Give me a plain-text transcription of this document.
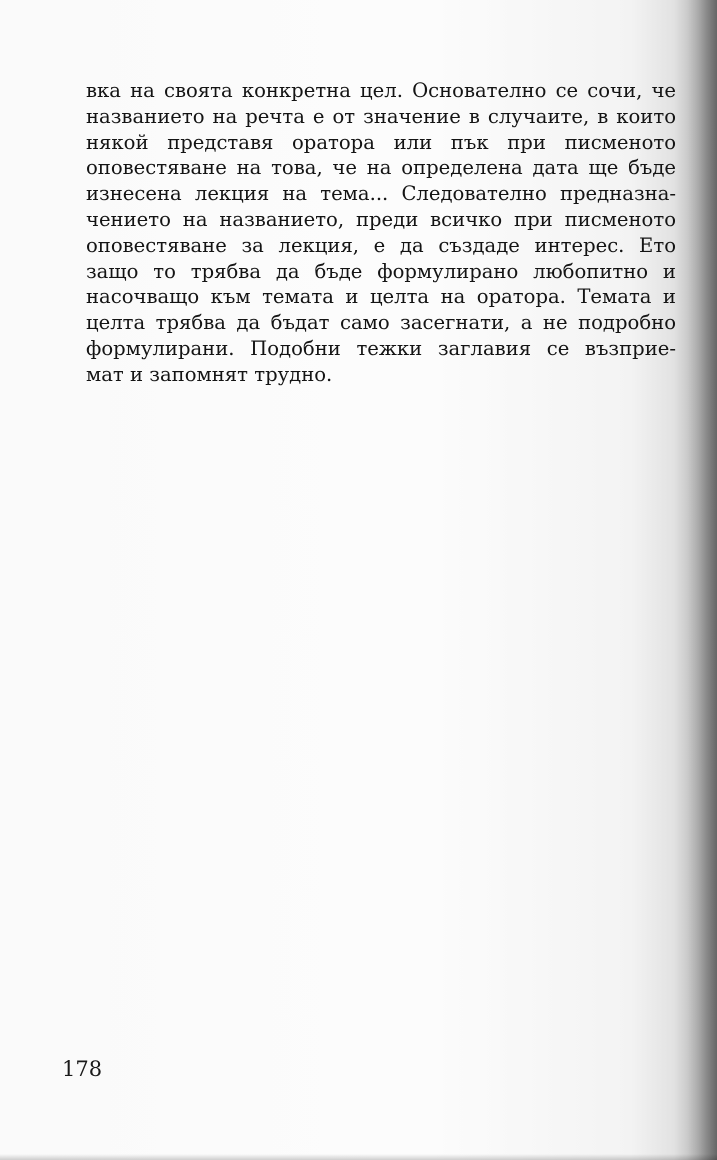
вка на своята конкретна цел. Основателно се сочи, че
названието на речта е от значение в случаите, в които
някой представя оратора или пък при писменото
оповестяване на това, че на определена дата ще бъде
изнесена лекция на тема... Следователно предназна-
чението на названието, преди всичко при писменото
оповестяване за лекция, е да създаде интерес. Ето
защо то трябва да бъде формулирано любопитно и
насочващо към темата и целта на оратора. Темата и
целта трябва да бъдат само засегнати, а не подробно
формулирани. Подобни тежки заглавия се възприе-
мат и запомнят трудно.
178
